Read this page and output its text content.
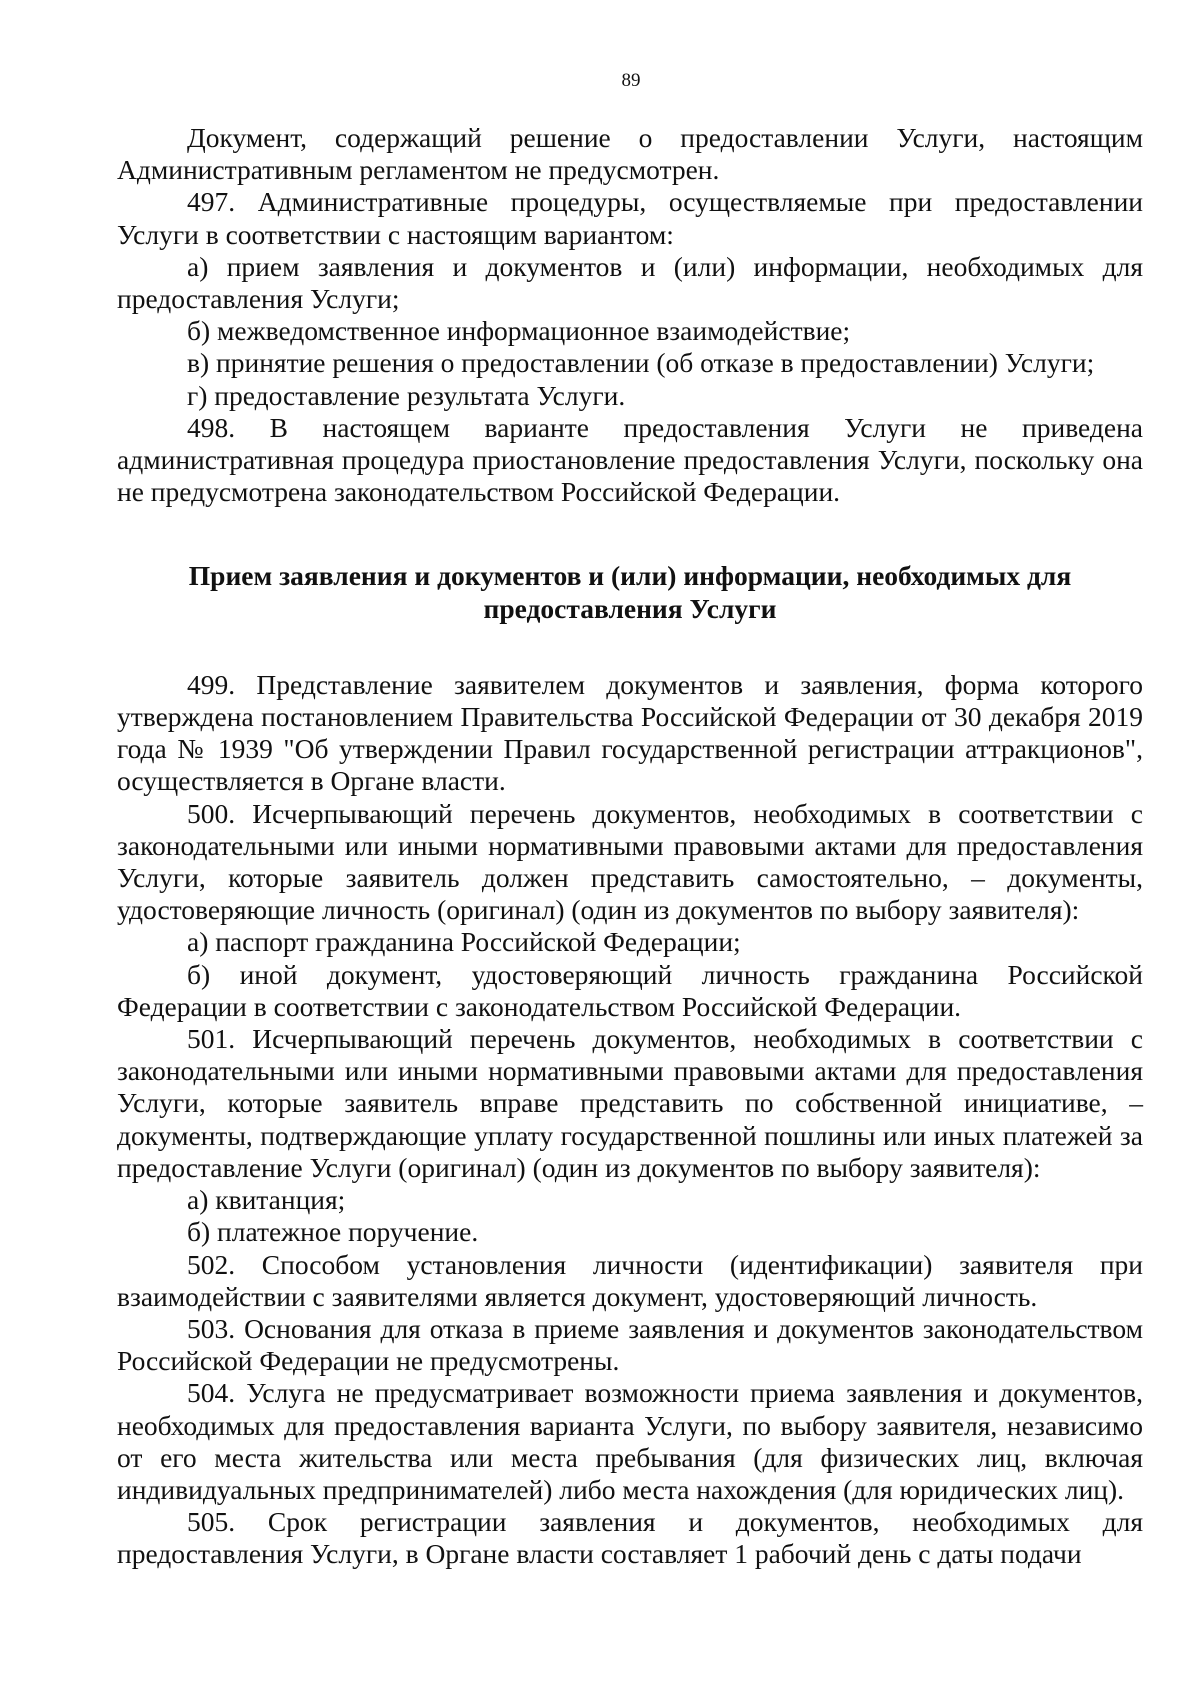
89

Документ, содержащий решение о предоставлении Услуги, настоящим Административным регламентом не предусмотрен.

497. Административные процедуры, осуществляемые при предоставлении Услуги в соответствии с настоящим вариантом:

а) прием заявления и документов и (или) информации, необходимых для предоставления Услуги;

б) межведомственное информационное взаимодействие;

в) принятие решения о предоставлении (об отказе в предоставлении) Услуги;

г) предоставление результата Услуги.

498. В настоящем варианте предоставления Услуги не приведена административная процедура приостановление предоставления Услуги, поскольку она не предусмотрена законодательством Российской Федерации.

Прием заявления и документов и (или) информации, необходимых для предоставления Услуги

499. Представление заявителем документов и заявления, форма которого утверждена постановлением Правительства Российской Федерации от 30 декабря 2019 года № 1939 "Об утверждении Правил государственной регистрации аттракционов", осуществляется в Органе власти.

500. Исчерпывающий перечень документов, необходимых в соответствии с законодательными или иными нормативными правовыми актами для предоставления Услуги, которые заявитель должен представить самостоятельно, – документы, удостоверяющие личность (оригинал) (один из документов по выбору заявителя):

а) паспорт гражданина Российской Федерации;

б) иной документ, удостоверяющий личность гражданина Российской Федерации в соответствии с законодательством Российской Федерации.

501. Исчерпывающий перечень документов, необходимых в соответствии с законодательными или иными нормативными правовыми актами для предоставления Услуги, которые заявитель вправе представить по собственной инициативе, – документы, подтверждающие уплату государственной пошлины или иных платежей за предоставление Услуги (оригинал) (один из документов по выбору заявителя):

а) квитанция;

б) платежное поручение.

502. Способом установления личности (идентификации) заявителя при взаимодействии с заявителями является документ, удостоверяющий личность.

503. Основания для отказа в приеме заявления и документов законодательством Российской Федерации не предусмотрены.

504. Услуга не предусматривает возможности приема заявления и документов, необходимых для предоставления варианта Услуги, по выбору заявителя, независимо от его места жительства или места пребывания (для физических лиц, включая индивидуальных предпринимателей) либо места нахождения (для юридических лиц).

505. Срок регистрации заявления и документов, необходимых для предоставления Услуги, в Органе власти составляет 1 рабочий день с даты подачи
